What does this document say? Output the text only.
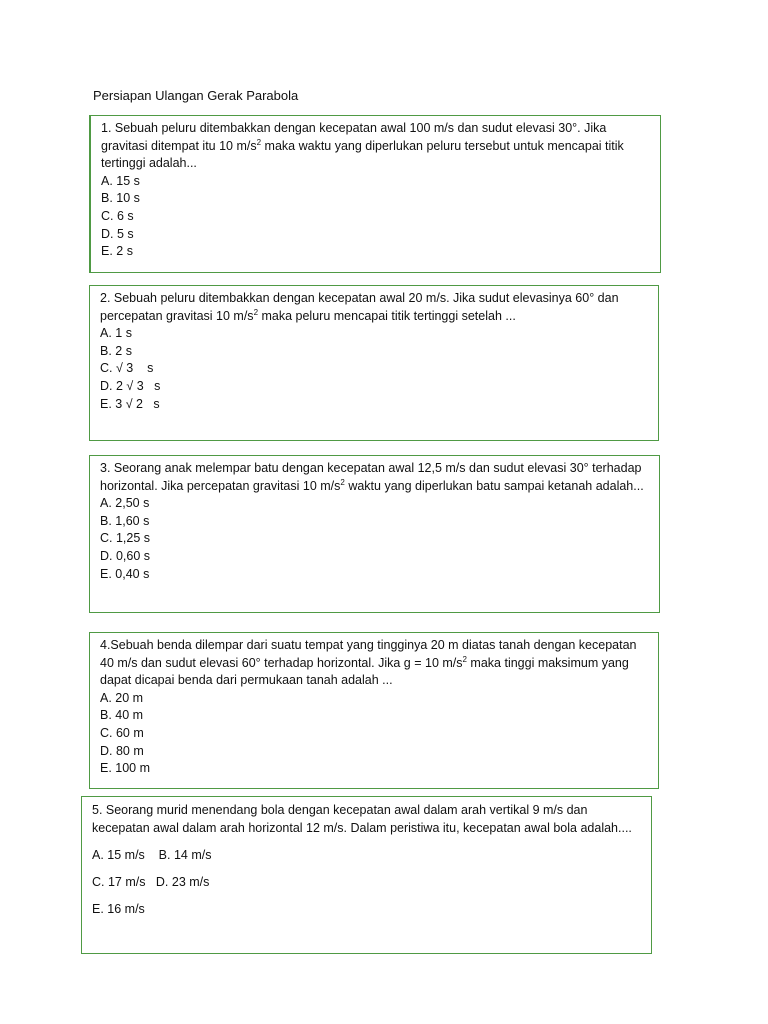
Persiapan Ulangan Gerak Parabola
1. Sebuah peluru ditembakkan dengan kecepatan awal 100 m/s dan sudut elevasi 30°. Jika gravitasi ditempat itu 10 $m/s^2$ maka waktu yang diperlukan peluru tersebut untuk mencapai titik tertinggi adalah...
A. 15 s
B. 10 s
C. 6 s
D. 5 s
E. 2 s
2. Sebuah peluru ditembakkan dengan kecepatan awal 20 m/s. Jika sudut elevasinya 60° dan percepatan gravitasi 10 $m/s^2$ maka peluru mencapai titik tertinggi setelah ...
A. 1 s
B. 2 s
C. √ 3    s
D. 2 √ 3   s
E. 3 √ 2   s
3. Seorang anak melempar batu dengan kecepatan awal 12,5 m/s dan sudut elevasi 30° terhadap horizontal. Jika percepatan gravitasi 10 $m/s^2$ waktu yang diperlukan batu sampai ketanah adalah...
A. 2,50 s
B. 1,60 s
C. 1,25 s
D. 0,60 s
E. 0,40 s
4.Sebuah benda dilempar dari suatu tempat yang tingginya 20 m diatas tanah dengan kecepatan 40 m/s dan sudut elevasi 60° terhadap horizontal. Jika g = 10 $m/s^2$ maka tinggi maksimum yang dapat dicapai benda dari permukaan tanah adalah ...
A. 20 m
B. 40 m
C. 60 m
D. 80 m
E. 100 m
5. Seorang murid menendang bola dengan kecepatan awal dalam arah vertikal 9 m/s dan kecepatan awal dalam arah horizontal 12 m/s. Dalam peristiwa itu, kecepatan awal bola adalah....
A. 15 m/s    B. 14 m/s
C. 17 m/s   D. 23 m/s
E. 16 m/s
